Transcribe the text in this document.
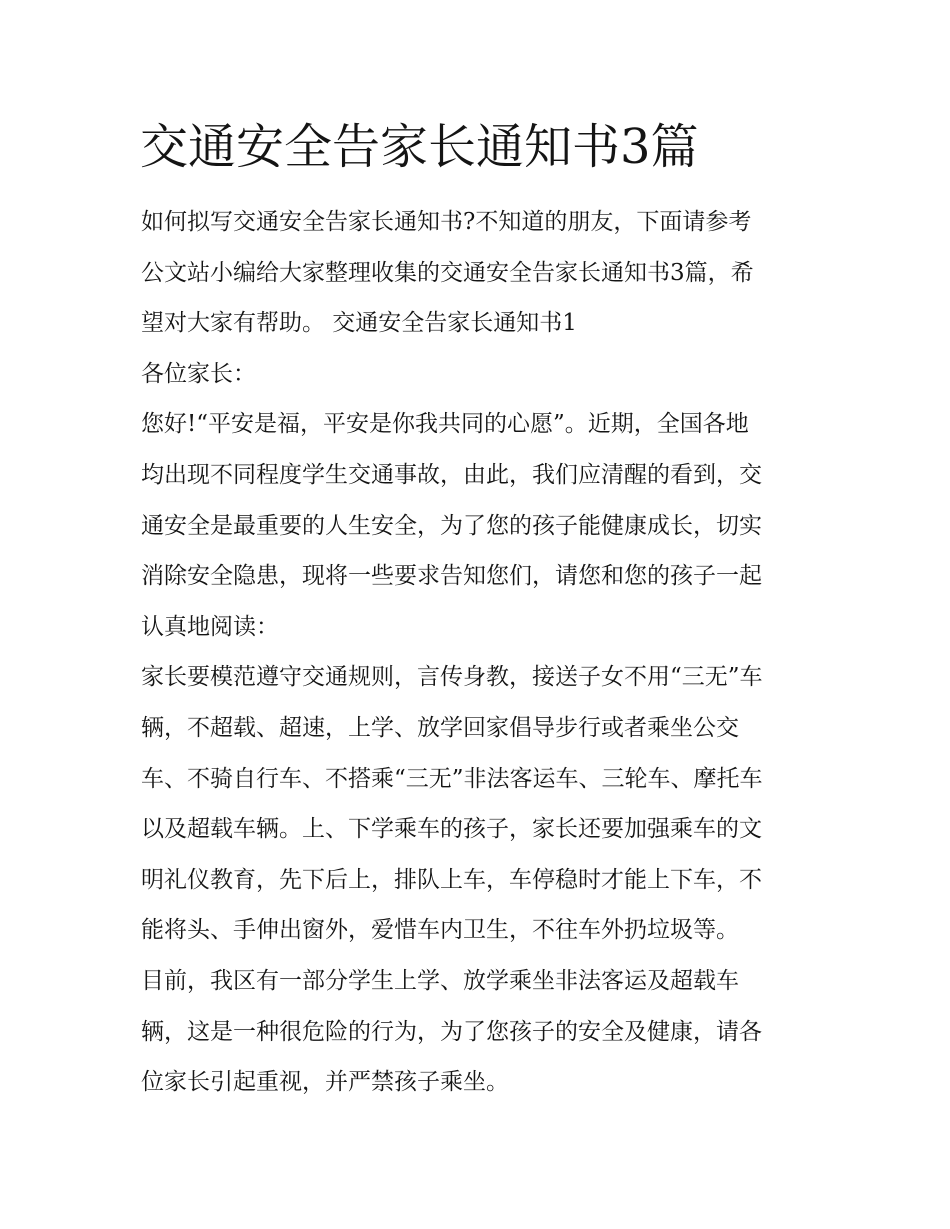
交通安全告家长通知书3篇

如何拟写交通安全告家长通知书?不知道的朋友，下面请参考
公文站小编给大家整理收集的交通安全告家长通知书3篇，希
望对大家有帮助。 交通安全告家长通知书1

各位家长：

您好!“平安是福，平安是你我共同的心愿”。近期，全国各地
均出现不同程度学生交通事故，由此，我们应清醒的看到，交
通安全是最重要的人生安全，为了您的孩子能健康成长，切实
消除安全隐患，现将一些要求告知您们，请您和您的孩子一起
认真地阅读：

家长要模范遵守交通规则，言传身教，接送子女不用“三无”车
辆，不超载、超速，上学、放学回家倡导步行或者乘坐公交
车、不骑自行车、不搭乘“三无”非法客运车、三轮车、摩托车
以及超载车辆。上、下学乘车的孩子，家长还要加强乘车的文
明礼仪教育，先下后上，排队上车，车停稳时才能上下车，不
能将头、手伸出窗外，爱惜车内卫生，不往车外扔垃圾等。

目前，我区有一部分学生上学、放学乘坐非法客运及超载车
辆，这是一种很危险的行为，为了您孩子的安全及健康，请各
位家长引起重视，并严禁孩子乘坐。
